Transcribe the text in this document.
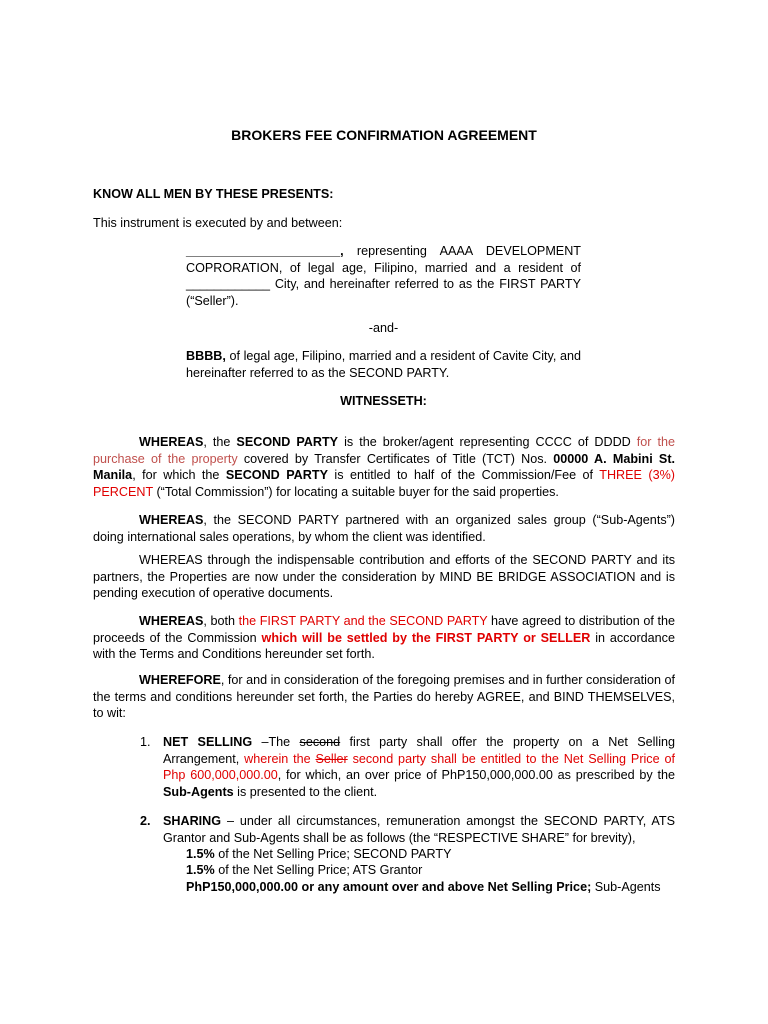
BROKERS FEE CONFIRMATION AGREEMENT
KNOW ALL MEN BY THESE PRESENTS:
This instrument is executed by and between:
______________________, representing AAAA DEVELOPMENT COPRORATION, of legal age, Filipino, married and a resident of ____________ City, and hereinafter referred to as the FIRST PARTY (“Seller”).
-and-
BBBB, of legal age, Filipino, married and a resident of Cavite City, and hereinafter referred to as the SECOND PARTY.
WITNESSETH:
WHEREAS, the SECOND PARTY is the broker/agent representing CCCC of DDDD for the purchase of the property covered by Transfer Certificates of Title (TCT) Nos. 00000 A. Mabini St. Manila, for which the SECOND PARTY is entitled to half of the Commission/Fee of THREE (3%) PERCENT (“Total Commission”) for locating a suitable buyer for the said properties.
WHEREAS, the SECOND PARTY partnered with an organized sales group (“Sub-Agents”) doing international sales operations, by whom the client was identified.
WHEREAS through the indispensable contribution and efforts of the SECOND PARTY and its partners, the Properties are now under the consideration by MIND BE BRIDGE ASSOCIATION and is pending execution of operative documents.
WHEREAS, both the FIRST PARTY and the SECOND PARTY have agreed to distribution of the proceeds of the Commission which will be settled by the FIRST PARTY or SELLER in accordance with the Terms and Conditions hereunder set forth.
WHEREFORE, for and in consideration of the foregoing premises and in further consideration of the terms and conditions hereunder set forth, the Parties do hereby AGREE, and BIND THEMSELVES, to wit:
1. NET SELLING –The second first party shall offer the property on a Net Selling Arrangement, wherein the Seller second party shall be entitled to the Net Selling Price of Php 600,000,000.00, for which, an over price of PhP150,000,000.00 as prescribed by the Sub-Agents is presented to the client.
2. SHARING – under all circumstances, remuneration amongst the SECOND PARTY, ATS Grantor and Sub-Agents shall be as follows (the “RESPECTIVE SHARE” for brevity),
1.5% of the Net Selling Price; SECOND PARTY
1.5% of the Net Selling Price; ATS Grantor
PhP150,000,000.00 or any amount over and above Net Selling Price; Sub-Agents
